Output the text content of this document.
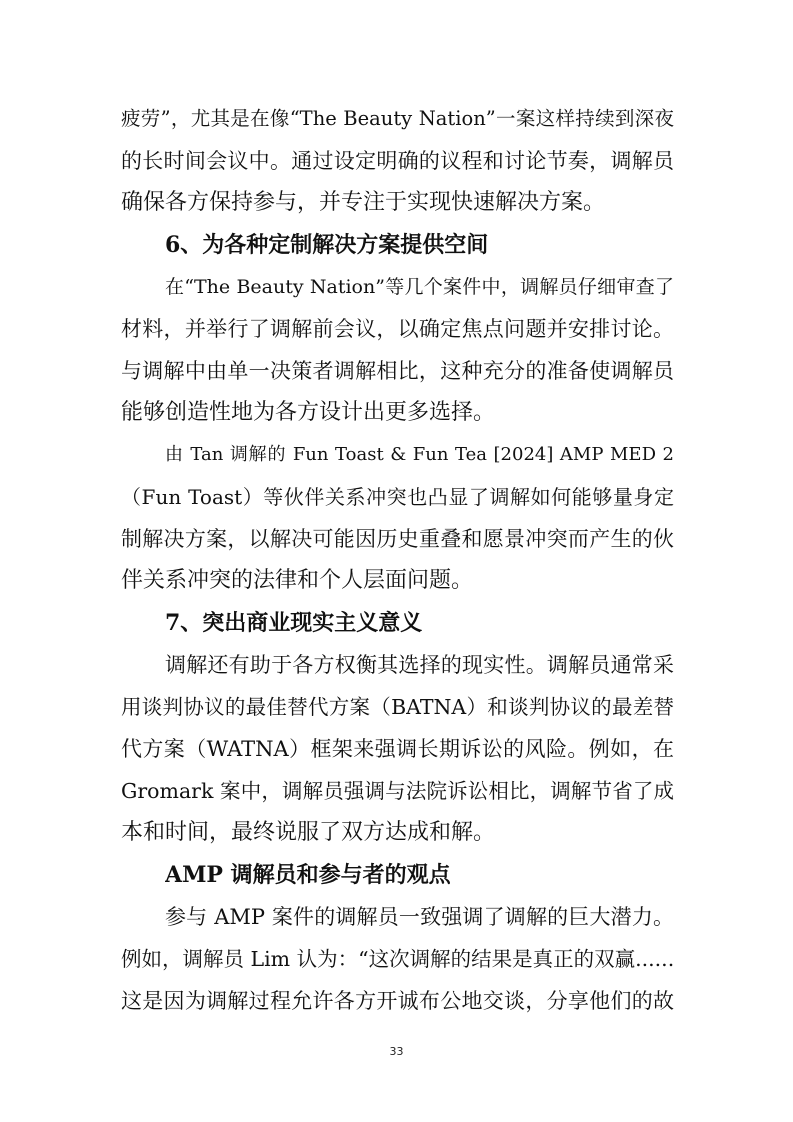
疲劳”，尤其是在像“The Beauty Nation”一案这样持续到深夜
的长时间会议中。通过设定明确的议程和讨论节奏，调解员
确保各方保持参与，并专注于实现快速解决方案。
6、为各种定制解决方案提供空间
在“The Beauty Nation”等几个案件中，调解员仔细审查了
材料，并举行了调解前会议，以确定焦点问题并安排讨论。
与调解中由单一决策者调解相比，这种充分的准备使调解员
能够创造性地为各方设计出更多选择。
由 Tan 调解的 Fun Toast & Fun Tea [2024] AMP MED 2
（Fun Toast）等伙伴关系冲突也凸显了调解如何能够量身定
制解决方案，以解决可能因历史重叠和愿景冲突而产生的伙
伴关系冲突的法律和个人层面问题。
7、突出商业现实主义意义
调解还有助于各方权衡其选择的现实性。调解员通常采
用谈判协议的最佳替代方案（BATNA）和谈判协议的最差替
代方案（WATNA）框架来强调长期诉讼的风险。例如，在
Gromark 案中，调解员强调与法院诉讼相比，调解节省了成
本和时间，最终说服了双方达成和解。
AMP 调解员和参与者的观点
参与 AMP 案件的调解员一致强调了调解的巨大潜力。
例如，调解员 Lim 认为：“这次调解的结果是真正的双赢......
这是因为调解过程允许各方开诚布公地交谈，分享他们的故
33
